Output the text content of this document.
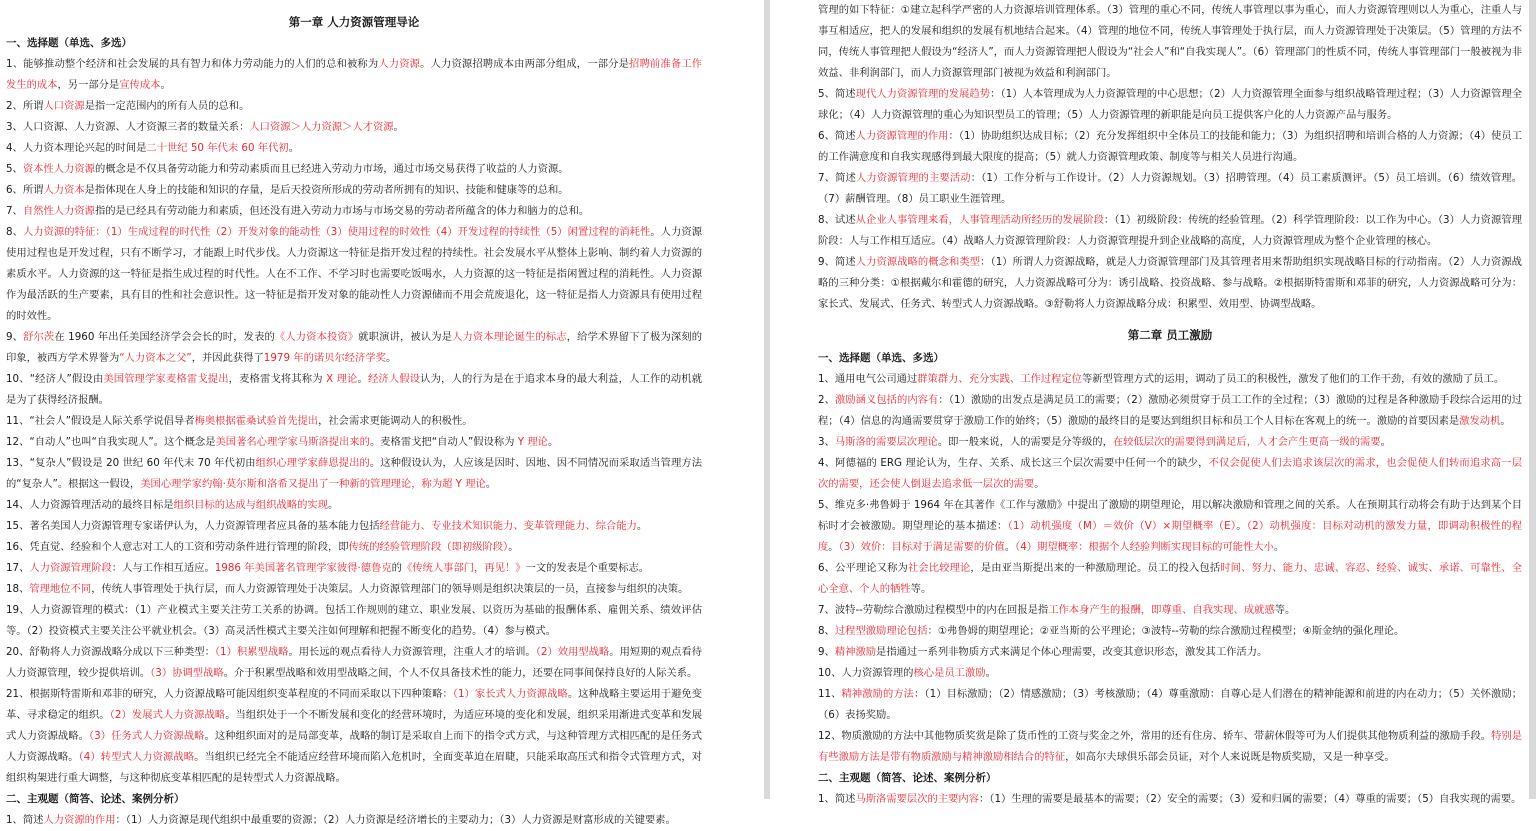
第一章 人力资源管理导论
一、选择题（单选、多选）

1、能够推动整个经济和社会发展的具有智力和体力劳动能力的人们的总和被称为人力资源。人力资源招聘成本由两部分组成，一部分是招聘前准备工作发生的成本，另一部分是宣传成本。

2、所谓人口资源是指一定范围内的所有人员的总和。

3、人口资源、人力资源、人才资源三者的数量关系：人口资源＞人力资源＞人才资源。

4、人力资本理论兴起的时间是二十世纪 50 年代末 60 年代初。

5、资本性人力资源的概念是不仅具备劳动能力和劳动素质而且已经进入劳动力市场，通过市场交易获得了收益的人力资源。

6、所谓人力资本是指体现在人身上的技能和知识的存量，是后天投资所形成的劳动者所拥有的知识、技能和健康等的总和。

7、自然性人力资源指的是已经具有劳动能力和素质，但还没有进入劳动力市场与市场交易的劳动者所蕴含的体力和脑力的总和。

8、人力资源的特征：（1）生成过程的时代性（2）开发对象的能动性（3）使用过程的时效性（4）开发过程的持续性（5）闲置过程的消耗性。人力资源使用过程也是开发过程，只有不断学习，才能跟上时代步伐。人力资源这一特征是指开发过程的持续性。社会发展水平从整体上影响、制约着人力资源的素质水平。人力资源的这一特征是指生成过程的时代性。人在不工作、不学习时也需要吃饭喝水，人力资源的这一特征是指闲置过程的消耗性。人力资源作为最活跃的生产要素，具有目的性和社会意识性。这一特征是指开发对象的能动性人力资源储而不用会荒废退化，这一特征是指人力资源具有使用过程的时效性。

9、舒尔茨在 1960 年出任美国经济学会会长的时，发表的《人力资本投资》就职演讲，被认为是人力资本理论诞生的标志，给学术界留下了极为深刻的印象，被西方学术界誉为“人力资本之父”，并因此获得了1979 年的诺贝尔经济学奖。

10、“经济人”假设由美国管理学家麦格雷戈提出，麦格雷戈将其称为 X 理论。经济人假设认为，人的行为是在于追求本身的最大利益，人工作的动机就是为了获得经济报酬。

11、“社会人”假设是人际关系学说倡导者梅奥根据霍桑试验首先提出，社会需求更能调动人的积极性。

12、“自动人”也叫“自我实现人”。这个概念是美国著名心理学家马斯洛提出来的。麦格雷戈把“自动人”假设称为 Y 理论。

13、“复杂人”假设是 20 世纪 60 年代末 70 年代初由组织心理学家薛恩提出的。这种假设认为，人应该是因时、因地、因不同情况而采取适当管理方法的“复杂人”。根据这一假设，美国心理学家约翰·莫尔斯和洛希又提出了一种新的管理理论，称为超 Y 理论。

14、人力资源管理活动的最终目标是组织目标的达成与组织战略的实现。

15、著名美国人力资源管理专家诺伊认为，人力资源管理者应具备的基本能力包括经营能力、专业技术知识能力、变革管理能力、综合能力。

16、凭直觉、经验和个人意志对工人的工资和劳动条件进行管理的阶段，即传统的经验管理阶段（即初级阶段）。

17、人力资源管理阶段：人与工作相互适应。1986 年美国著名管理学家彼得·德鲁克的《传统人事部门，再见！》一文的发表是个重要标志。

18、管理地位不同，传统人事管理处于执行层，而人力资源管理处于决策层。人力资源管理部门的领导则是组织决策层的一员，直接参与组织的决策。

19、人力资源管理的模式：（1）产业模式主要关注劳工关系的协调。包括工作规则的建立、职业发展、以资历为基础的报酬体系、雇佣关系、绩效评估等。（2）投资模式主要关注公平就业机会。（3）高灵活性模式主要关注如何理解和把握不断变化的趋势。（4）参与模式。

20、舒勒将人力资源战略分成以下三种类型：（1）积累型战略。用长远的观点看待人力资源管理，注重人才的培训。（2）效用型战略。用短期的观点看待人力资源管理，较少提供培训。（3）协调型战略。介于积累型战略和效用型战略之间，个人不仅具备技术性的能力，还要在同事间保持良好的人际关系。

21、根据斯特雷斯和邓菲的研究，人力资源战略可能因组织变革程度的不同而采取以下四种策略：（1）家长式人力资源战略。这种战略主要运用于避免变革、寻求稳定的组织。（2）发展式人力资源战略。当组织处于一个不断发展和变化的经营环境时，为适应环境的变化和发展，组织采用渐进式变革和发展式人力资源战略。（3）任务式人力资源战略。这种组织面对的是局部变革，战略的制订是采取自上而下的指令式方式，与这种管理方式相匹配的是任务式人力资源战略。（4）转型式人力资源战略。当组织已经完全不能适应经营环境而陷入危机时，全面变革迫在眉睫，只能采取高压式和指令式管理方式，对组织构架进行重大调整，与这种彻底变革相匹配的是转型式人力资源战略。

二、主观题（简答、论述、案例分析）

1、简述人力资源的作用：（1）人力资源是现代组织中最重要的资源；（2）人力资源是经济增长的主要动力；（3）人力资源是财富形成的关键要素。

管理的如下特征：①建立起科学严密的人力资源培训管理体系。（3）管理的重心不同，传统人事管理以事为重心，而人力资源管理则以人为重心，注重人与事互相适应，把人的发展和组织的发展有机地结合起来。（4）管理的地位不同，传统人事管理处于执行层，而人力资源管理处于决策层。（5）管理的方法不同，传统人事管理把人假设为“经济人”，而人力资源管理把人假设为“社会人”和“自我实现人”。（6）管理部门的性质不同，传统人事管理部门一般被视为非效益、非利润部门，而人力资源管理部门被视为效益和利润部门。

5、简述现代人力资源管理的发展趋势：（1）人本管理成为人力资源管理的中心思想；（2）人力资源管理全面参与组织战略管理过程；（3）人力资源管理全球化；（4）人力资源管理的重心为知识型员工的管理；（5）人力资源管理的新职能是向员工提供客户化的人力资源产品与服务。

6、简述人力资源管理的作用：（1）协助组织达成目标；（2）充分发挥组织中全体员工的技能和能力；（3）为组织招聘和培训合格的人力资源；（4）使员工的工作满意度和自我实现感得到最大限度的提高；（5）就人力资源管理政策、制度等与相关人员进行沟通。

7、简述人力资源管理的主要活动：（1）工作分析与工作设计。（2）人力资源规划。（3）招聘管理。（4）员工素质测评。（5）员工培训。（6）绩效管理。（7）薪酬管理。（8）员工职业生涯管理。

8、试述从企业人事管理来看，人事管理活动所经历的发展阶段：（1）初级阶段：传统的经验管理。（2）科学管理阶段：以工作为中心。（3）人力资源管理阶段：人与工作相互适应。（4）战略人力资源管理阶段：人力资源管理提升到企业战略的高度，人力资源管理成为整个企业管理的核心。

9、简述人力资源战略的概念和类型：（1）所谓人力资源战略，就是人力资源管理部门及其管理者用来帮助组织实现战略目标的行动指南。（2）人力资源战略的三种分类：①根据戴尔和霍德的研究，人力资源战略可分为：诱引战略、投资战略、参与战略。②根据斯特雷斯和邓菲的研究，人力资源战略可分为：家长式、发展式、任务式、转型式人力资源战略。③舒勒将人力资源战略分成：积累型、效用型、协调型战略。

第二章 员工激励
一、选择题（单选、多选）

1、通用电气公司通过群策群力、充分实践、工作过程定位等新型管理方式的运用，调动了员工的积极性，激发了他们的工作干劲，有效的激励了员工。

2、激励涵义包括的内容有：（1）激励的出发点是满足员工的需要；（2）激励必须贯穿于员工工作的全过程；（3）激励的过程是各种激励手段综合运用的过程；（4）信息的沟通需要贯穿于激励工作的始终；（5）激励的最终目的是要达到组织目标和员工个人目标在客观上的统一。激励的首要因素是激发动机。

3、马斯洛的需要层次理论。即一般来说，人的需要是分等级的，在较低层次的需要得到满足后，人才会产生更高一级的需要。

4、阿德福的 ERG 理论认为，生存、关系、成长这三个层次需要中任何一个的缺少，不仅会促使人们去追求该层次的需求，也会促使人们转而追求高一层次的需要，还会使人倒退去追求低一层次的需要。

5、维克多·弗鲁姆于 1964 年在其著作《工作与激励》中提出了激励的期望理论，用以解决激励和管理之间的关系。人在预期其行动将会有助于达到某个目标时才会被激励。期望理论的基本描述：（1）动机强度（M）＝效价（V）×期望概率（E）。（2）动机强度：目标对动机的激发力量，即调动积极性的程度。（3）效价：目标对于满足需要的价值。（4）期望概率：根据个人经验判断实现目标的可能性大小。

6、公平理论又称为社会比较理论，是由亚当斯提出来的一种激励理论。员工的投入包括时间、努力、能力、忠诚、容忍、经验、诚实、承诺、可靠性、全心全意、个人的牺牲等。

7、波特--劳勒综合激励过程模型中的内在回报是指工作本身产生的报酬，即尊重、自我实现、成就感等。

8、过程型激励理论包括：①弗鲁姆的期望理论；②亚当斯的公平理论；③波特--劳勒的综合激励过程模型；④斯金纳的强化理论。

9、精神激励是指通过一系列非物质方式来满足个体心理需要，改变其意识形态，激发其工作活力。

10、人力资源管理的核心是员工激励。

11、精神激励的方法：（1）目标激励；（2）情感激励；（3）考核激励；（4）尊重激励：自尊心是人们潜在的精神能源和前进的内在动力；（5）关怀激励；（6）表扬奖励。

12、物质激励的方法中其他物质奖赏是除了货币性的工资与奖金之外，常用的还有住房、轿车、带薪休假等可为人们提供其他物质利益的激励手段。特别是有些激励方法是带有物质激励与精神激励相结合的特征，如高尔夫球俱乐部会员证，对个人来说既是物质奖励，又是一种享受。

二、主观题（简答、论述、案例分析）

1、简述马斯洛需要层次的主要内容：（1）生理的需要是最基本的需要；（2）安全的需要；（3）爱和归属的需要；（4）尊重的需要；（5）自我实现的需要。
